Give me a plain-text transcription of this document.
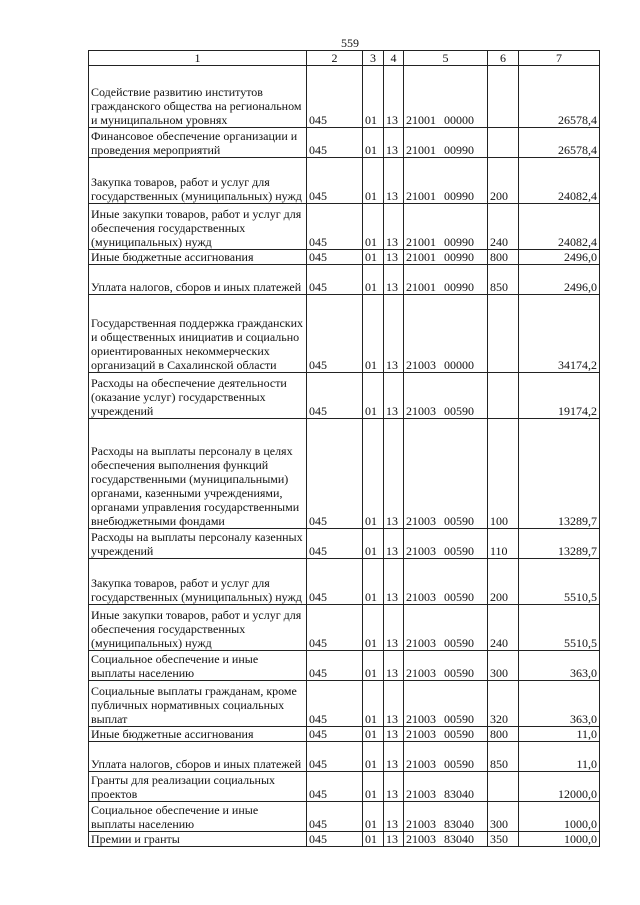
559
1	2	3	4	5	6	7
Содействие развитию институтов гражданского общества на региональном и муниципальном уровнях	045	01	13	21001 00000		26578,4
Финансовое обеспечение организации и проведения мероприятий	045	01	13	21001 00990		26578,4
Закупка товаров, работ и услуг для государственных (муниципальных) нужд	045	01	13	21001 00990	200	24082,4
Иные закупки товаров, работ и услуг для обеспечения государственных (муниципальных) нужд	045	01	13	21001 00990	240	24082,4
Иные бюджетные ассигнования	045	01	13	21001 00990	800	2496,0
Уплата налогов, сборов и иных платежей	045	01	13	21001 00990	850	2496,0
Государственная поддержка гражданских и общественных инициатив и социально ориентированных некоммерческих организаций в Сахалинской области	045	01	13	21003 00000		34174,2
Расходы на обеспечение деятельности (оказание услуг) государственных учреждений	045	01	13	21003 00590		19174,2
Расходы на выплаты персоналу в целях обеспечения выполнения функций государственными (муниципальными) органами, казенными учреждениями, органами управления государственными внебюджетными фондами	045	01	13	21003 00590	100	13289,7
Расходы на выплаты персоналу казенных учреждений	045	01	13	21003 00590	110	13289,7
Закупка товаров, работ и услуг для государственных (муниципальных) нужд	045	01	13	21003 00590	200	5510,5
Иные закупки товаров, работ и услуг для обеспечения государственных (муниципальных) нужд	045	01	13	21003 00590	240	5510,5
Социальное обеспечение и иные выплаты населению	045	01	13	21003 00590	300	363,0
Социальные выплаты гражданам, кроме публичных нормативных социальных выплат	045	01	13	21003 00590	320	363,0
Иные бюджетные ассигнования	045	01	13	21003 00590	800	11,0
Уплата налогов, сборов и иных платежей	045	01	13	21003 00590	850	11,0
Гранты для реализации социальных проектов	045	01	13	21003 83040		12000,0
Социальное обеспечение и иные выплаты населению	045	01	13	21003 83040	300	1000,0
Премии и гранты	045	01	13	21003 83040	350	1000,0
